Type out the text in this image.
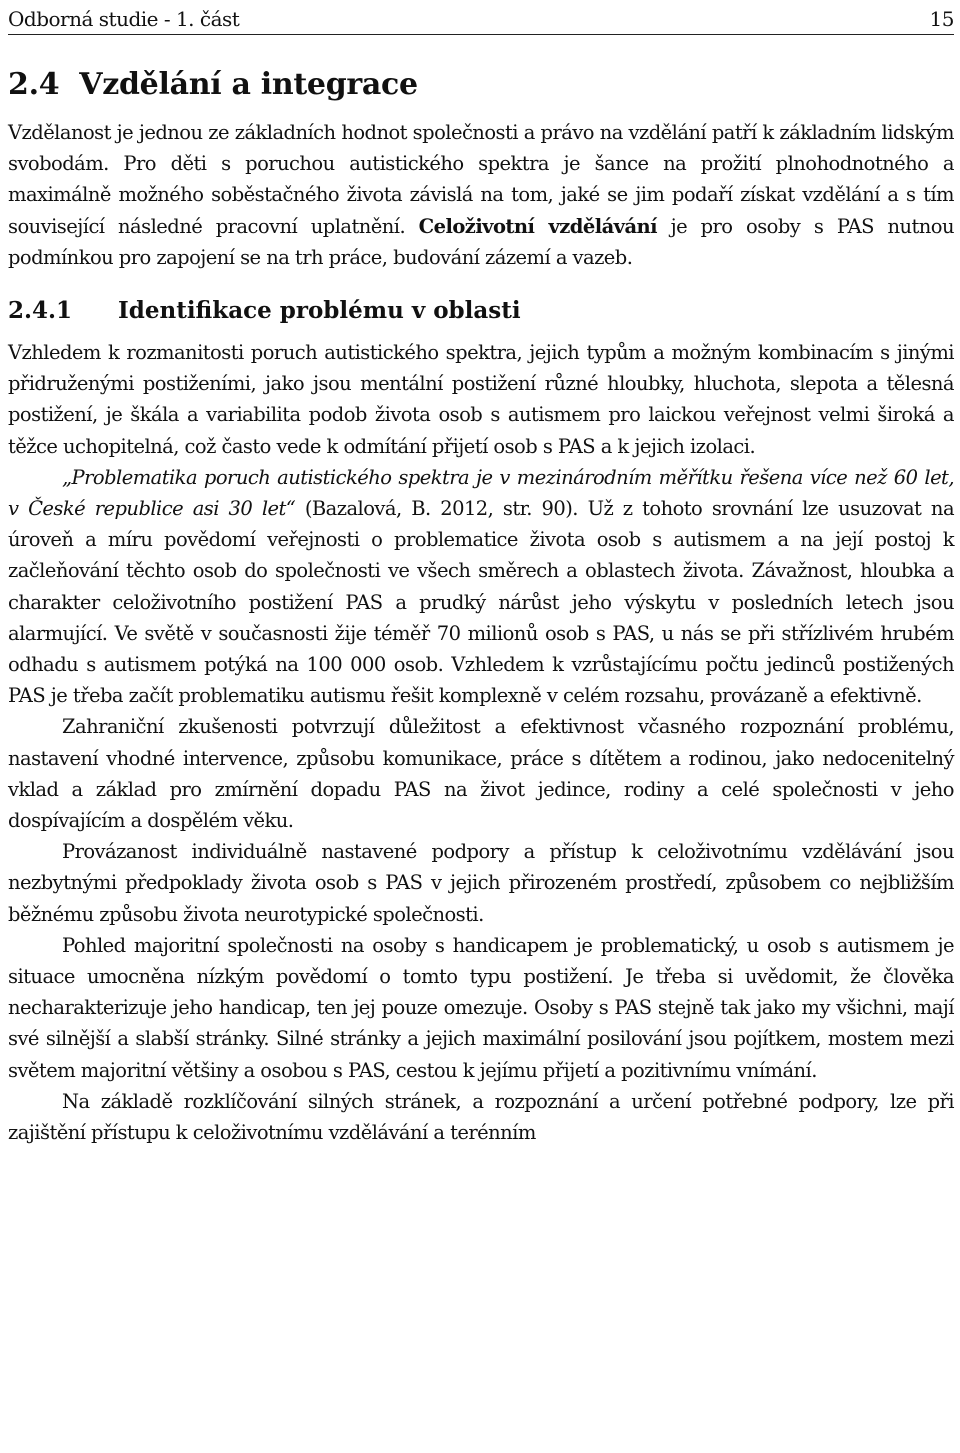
Odborná studie - 1. část	15
2.4 Vzdělání a integrace

Vzdělanost je jednou ze základních hodnot společnosti a právo na vzdělání patří k základním lidským svobodám. Pro děti s poruchou autistického spektra je šance na prožití plnohodnotného a maximálně možného soběstačného života závislá na tom, jaké se jim podaří získat vzdělání a s tím související následné pracovní uplatnění. Celoživotní vzdělávání je pro osoby s PAS nutnou podmínkou pro zapojení se na trh práce, budování zázemí a vazeb.

2.4.1 Identifikace problému v oblasti

Vzhledem k rozmanitosti poruch autistického spektra, jejich typům a možným kombinacím s jinými přidruženými postiženími, jako jsou mentální postižení různé hloubky, hluchota, slepota a tělesná postižení, je škála a variabilita podob života osob s autismem pro laickou veřejnost velmi široká a těžce uchopitelná, což často vede k odmítání přijetí osob s PAS a k jejich izolaci.

„Problematika poruch autistického spektra je v mezinárodním měřítku řešena více než 60 let, v České republice asi 30 let“ (Bazalová, B. 2012, str. 90). Už z tohoto srovnání lze usuzovat na úroveň a míru povědomí veřejnosti o problematice života osob s autismem a na její postoj k začleňování těchto osob do společnosti ve všech směrech a oblastech života. Závažnost, hloubka a charakter celoživotního postižení PAS a prudký nárůst jeho výskytu v posledních letech jsou alarmující. Ve světě v současnosti žije téměř 70 milionů osob s PAS, u nás se při střízlivém hrubém odhadu s autismem potýká na 100 000 osob. Vzhledem k vzrůstajícímu počtu jedinců postižených PAS je třeba začít problematiku autismu řešit komplexně v celém rozsahu, provázaně a efektivně.

Zahraniční zkušenosti potvrzují důležitost a efektivnost včasného rozpoznání problému, nastavení vhodné intervence, způsobu komunikace, práce s dítětem a rodinou, jako nedocenitelný vklad a základ pro zmírnění dopadu PAS na život jedince, rodiny a celé společnosti v jeho dospívajícím a dospělém věku.

Provázanost individuálně nastavené podpory a přístup k celoživotnímu vzdělávání jsou nezbytnými předpoklady života osob s PAS v jejich přirozeném prostředí, způsobem co nejbližším běžnému způsobu života neurotypické společnosti.

Pohled majoritní společnosti na osoby s handicapem je problematický, u osob s autismem je situace umocněna nízkým povědomí o tomto typu postižení. Je třeba si uvědomit, že člověka necharakterizuje jeho handicap, ten jej pouze omezuje. Osoby s PAS stejně tak jako my všichni, mají své silnější a slabší stránky. Silné stránky a jejich maximální posilování jsou pojítkem, mostem mezi světem majoritní většiny a osobou s PAS, cestou k jejímu přijetí a pozitivnímu vnímání.

Na základě rozklíčování silných stránek, a rozpoznání a určení potřebné podpory, lze při zajištění přístupu k celoživotnímu vzdělávání a terénním
